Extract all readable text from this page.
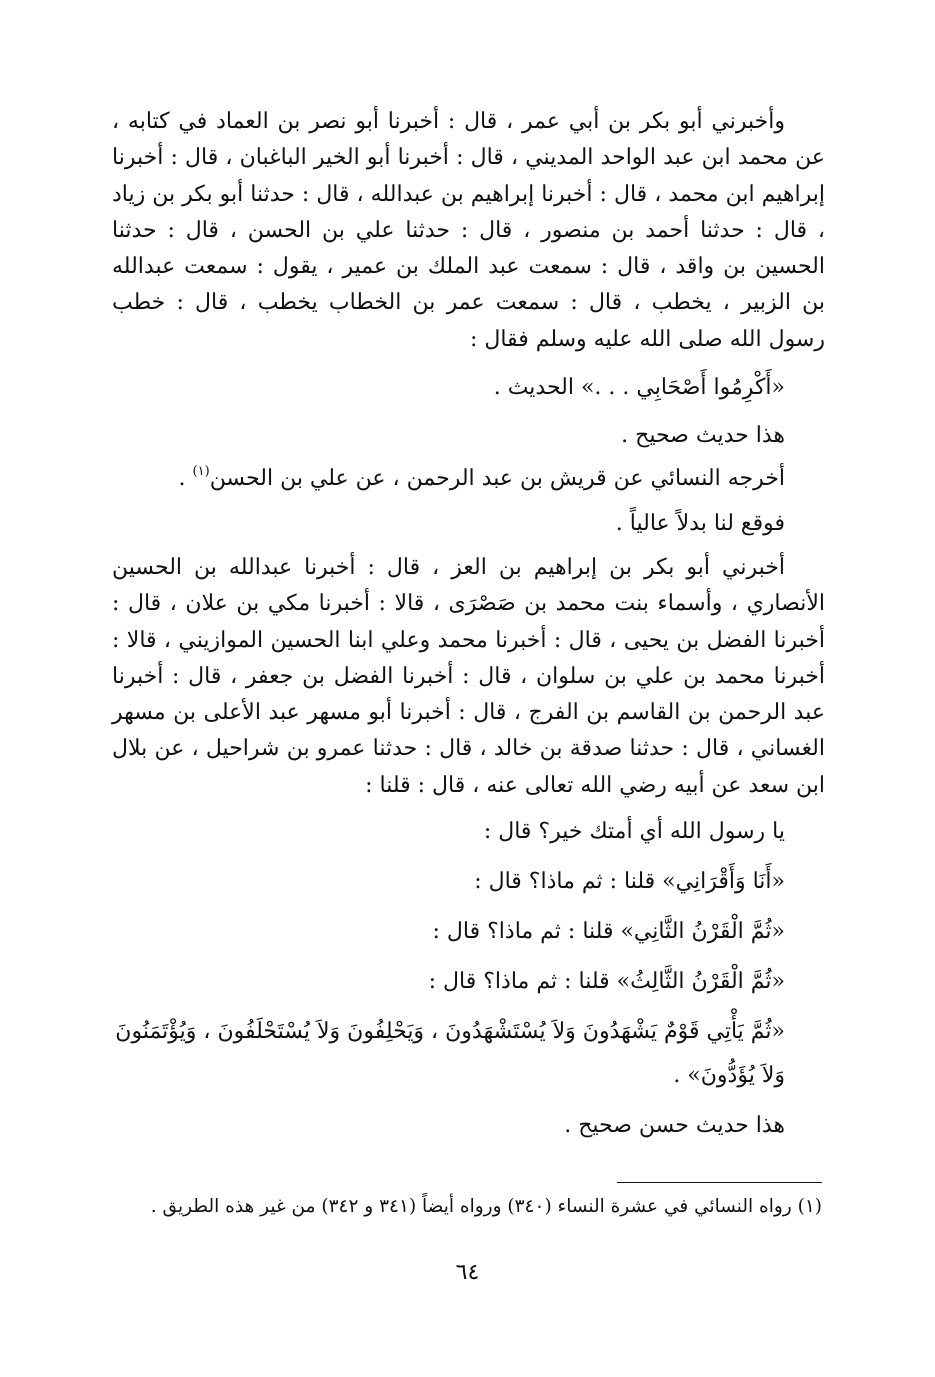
وأخبرني أبو بكر بن أبي عمر ، قال : أخبرنا أبو نصر بن العماد في كتابه ، عن محمد ابن عبد الواحد المديني ، قال : أخبرنا أبو الخير الباغبان ، قال : أخبرنا إبراهيم ابن محمد ، قال : أخبرنا إبراهيم بن عبدالله ، قال : حدثنا أبو بكر بن زياد ، قال : حدثنا أحمد بن منصور ، قال : حدثنا علي بن الحسن ، قال : حدثنا الحسين بن واقد ، قال : سمعت عبد الملك بن عمير ، يقول : سمعت عبدالله بن الزبير ، يخطب ، قال : سمعت عمر بن الخطاب يخطب ، قال : خطب رسول الله صلى الله عليه وسلم فقال :

«أَكْرِمُوا أَصْحَابِي . . .» الحديث .

هذا حديث صحيح .

أخرجه النسائي عن قريش بن عبد الرحمن ، عن علي بن الحسن$^{(١)}$ .

فوقع لنا بدلاً عالياً .

أخبرني أبو بكر بن إبراهيم بن العز ، قال : أخبرنا عبدالله بن الحسين الأنصاري ، وأسماء بنت محمد بن صَصْرَى ، قالا : أخبرنا مكي بن علان ، قال : أخبرنا الفضل بن يحيى ، قال : أخبرنا محمد وعلي ابنا الحسين الموازيني ، قالا : أخبرنا محمد بن علي بن سلوان ، قال : أخبرنا الفضل بن جعفر ، قال : أخبرنا عبد الرحمن بن القاسم بن الفرج ، قال : أخبرنا أبو مسهر عبد الأعلى بن مسهر الغساني ، قال : حدثنا صدقة بن خالد ، قال : حدثنا عمرو بن شراحيل ، عن بلال ابن سعد عن أبيه رضي الله تعالى عنه ، قال : قلنا :

يا رسول الله أي أمتك خير؟ قال :

«أَنَا وَأَقْرَانِي» قلنا : ثم ماذا؟ قال :

«ثُمَّ الْقَرْنُ الثَّانِي» قلنا : ثم ماذا؟ قال :

«ثُمَّ الْقَرْنُ الثَّالِثُ» قلنا : ثم ماذا؟ قال :

«ثُمَّ يَأْتِي قَوْمٌ يَشْهَدُونَ وَلاَ يُسْتَشْهَدُونَ ، وَيَحْلِفُونَ وَلاَ يُسْتَحْلَفُونَ ، وَيُؤْتَمَنُونَ وَلاَ يُؤَدُّونَ» .

هذا حديث حسن صحيح .

(١) رواه النسائي في عشرة النساء (٣٤٠) ورواه أيضاً (٣٤١ و ٣٤٢) من غير هذه الطريق .

٦٤
